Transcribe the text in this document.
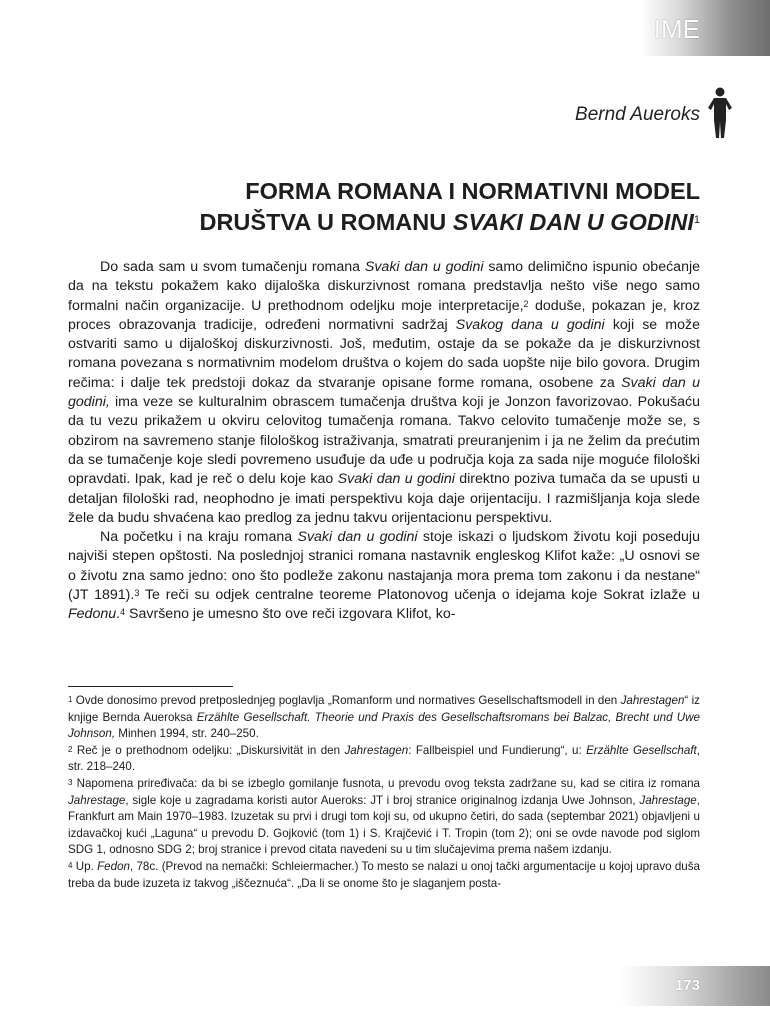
IME
Bernd Aueroks
FORMA ROMANA I NORMATIVNI MODEL
DRUŠTVA U ROMANU SVAKI DAN U GODINI$^1$

Do sada sam u svom tumačenju romana Svaki dan u godini samo delimično ispunio obećanje da na tekstu pokažem kako dijaloška diskurzivnost romana predstavlja nešto više nego samo formalni način organizacije. U prethodnom odeljku moje interpretacije,$^2$ doduše, pokazan je, kroz proces obrazovanja tradicije, određeni normativni sadržaj Svakog dana u godini koji se može ostvariti samo u dijaloškoj diskurzivnosti. Još, međutim, ostaje da se pokaže da je diskurzivnost romana povezana s normativnim modelom društva o kojem do sada uopšte nije bilo govora. Drugim rečima: i dalje tek predstoji dokaz da stvaranje opisane forme romana, osobene za Svaki dan u godini, ima veze se kulturalnim obrascem tumačenja društva koji je Jonzon favorizovao. Pokušaću da tu vezu prikažem u okviru celovitog tumačenja romana. Takvo celovito tumačenje može se, s obzirom na savremeno stanje filološkog istraživanja, smatrati preuranjenim i ja ne želim da prećutim da se tumačenje koje sledi povremeno usuđuje da uđe u područja koja za sada nije moguće filološki opravdati. Ipak, kad je reč o delu koje kao Svaki dan u godini direktno poziva tumača da se upusti u detaljan filološki rad, neophodno je imati perspektivu koja daje orijentaciju. I razmišljanja koja slede žele da budu shvaćena kao predlog za jednu takvu orijentacionu perspektivu.

Na početku i na kraju romana Svaki dan u godini stoje iskazi o ljudskom životu koji poseduju najviši stepen opštosti. Na poslednjoj stranici romana nastavnik engleskog Klifot kaže: „U osnovi se o životu zna samo jedno: ono što podleže zakonu nastajanja mora prema tom zakonu i da nestane“ (JT 1891).$^3$ Te reči su odjek centralne teoreme Platonovog učenja o idejama koje Sokrat izlaže u Fedonu.$^4$ Savršeno je umesno što ove reči izgovara Klifot, ko-

$^1$ Ovde donosimo prevod pretposlednjeg poglavlja „Romanform und normatives Gesellschaftsmodell in den Jahrestagen“ iz knjige Bernda Aueroksa Erzählte Gesellschaft. Theorie und Praxis des Gesellschaftsromans bei Balzac, Brecht und Uwe Johnson, Minhen 1994, str. 240–250.

$^2$ Reč je o prethodnom odeljku: „Diskursivität in den Jahrestagen: Fallbeispiel und Fundierung“, u: Erzählte Gesellschaft, str. 218–240.

$^3$ Napomena priređivača: da bi se izbeglo gomilanje fusnota, u prevodu ovog teksta zadržane su, kad se citira iz romana Jahrestage, sigle koje u zagradama koristi autor Aueroks: JT i broj stranice originalnog izdanja Uwe Johnson, Jahrestage, Frankfurt am Main 1970–1983. Izuzetak su prvi i drugi tom koji su, od ukupno četiri, do sada (septembar 2021) objavljeni u izdavačkoj kući „Laguna“ u prevodu D. Gojković (tom 1) i S. Krajčević i T. Tropin (tom 2); oni se ovde navode pod siglom SDG 1, odnosno SDG 2; broj stranice i prevod citata navedeni su u tim slučajevima prema našem izdanju.

$^4$ Up. Fedon, 78c. (Prevod na nemački: Schleiermacher.) To mesto se nalazi u onoj tački argumentacije u kojoj upravo duša treba da bude izuzeta iz takvog „iščeznuća“. „Da li se onome što je slaganjem posta-

173
